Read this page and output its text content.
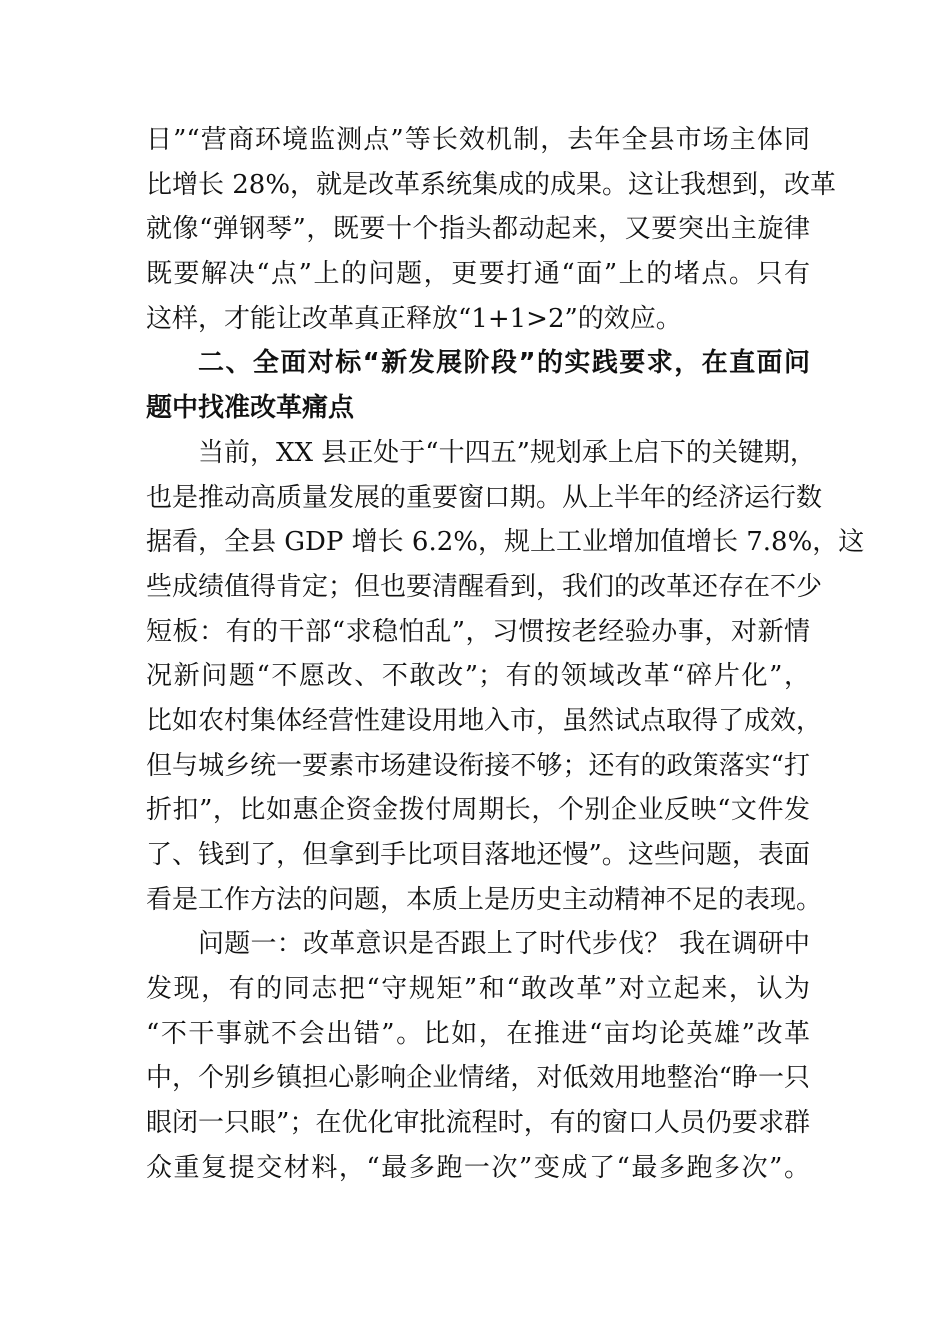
日”“营商环境监测点”等长效机制，去年全县市场主体同
比增长 28%，就是改革系统集成的成果。这让我想到，改革
就像“弹钢琴”，既要十个指头都动起来，又要突出主旋律
既要解决“点”上的问题，更要打通“面”上的堵点。只有
这样，才能让改革真正释放“1+1>2”的效应。
二、全面对标“新发展阶段”的实践要求，在直面问
题中找准改革痛点
当前，XX 县正处于“十四五”规划承上启下的关键期，
也是推动高质量发展的重要窗口期。从上半年的经济运行数
据看，全县 GDP 增长 6.2%，规上工业增加值增长 7.8%，这
些成绩值得肯定；但也要清醒看到，我们的改革还存在不少
短板：有的干部“求稳怕乱”，习惯按老经验办事，对新情
况新问题“不愿改、不敢改”；有的领域改革“碎片化”，
比如农村集体经营性建设用地入市，虽然试点取得了成效，
但与城乡统一要素市场建设衔接不够；还有的政策落实“打
折扣”，比如惠企资金拨付周期长，个别企业反映“文件发
了、钱到了，但拿到手比项目落地还慢”。这些问题，表面
看是工作方法的问题，本质上是历史主动精神不足的表现。
问题一：改革意识是否跟上了时代步伐？ 我在调研中
发现，有的同志把“守规矩”和“敢改革”对立起来，认为
“不干事就不会出错”。比如，在推进“亩均论英雄”改革
中，个别乡镇担心影响企业情绪，对低效用地整治“睁一只
眼闭一只眼”；在优化审批流程时，有的窗口人员仍要求群
众重复提交材料，“最多跑一次”变成了“最多跑多次”。
